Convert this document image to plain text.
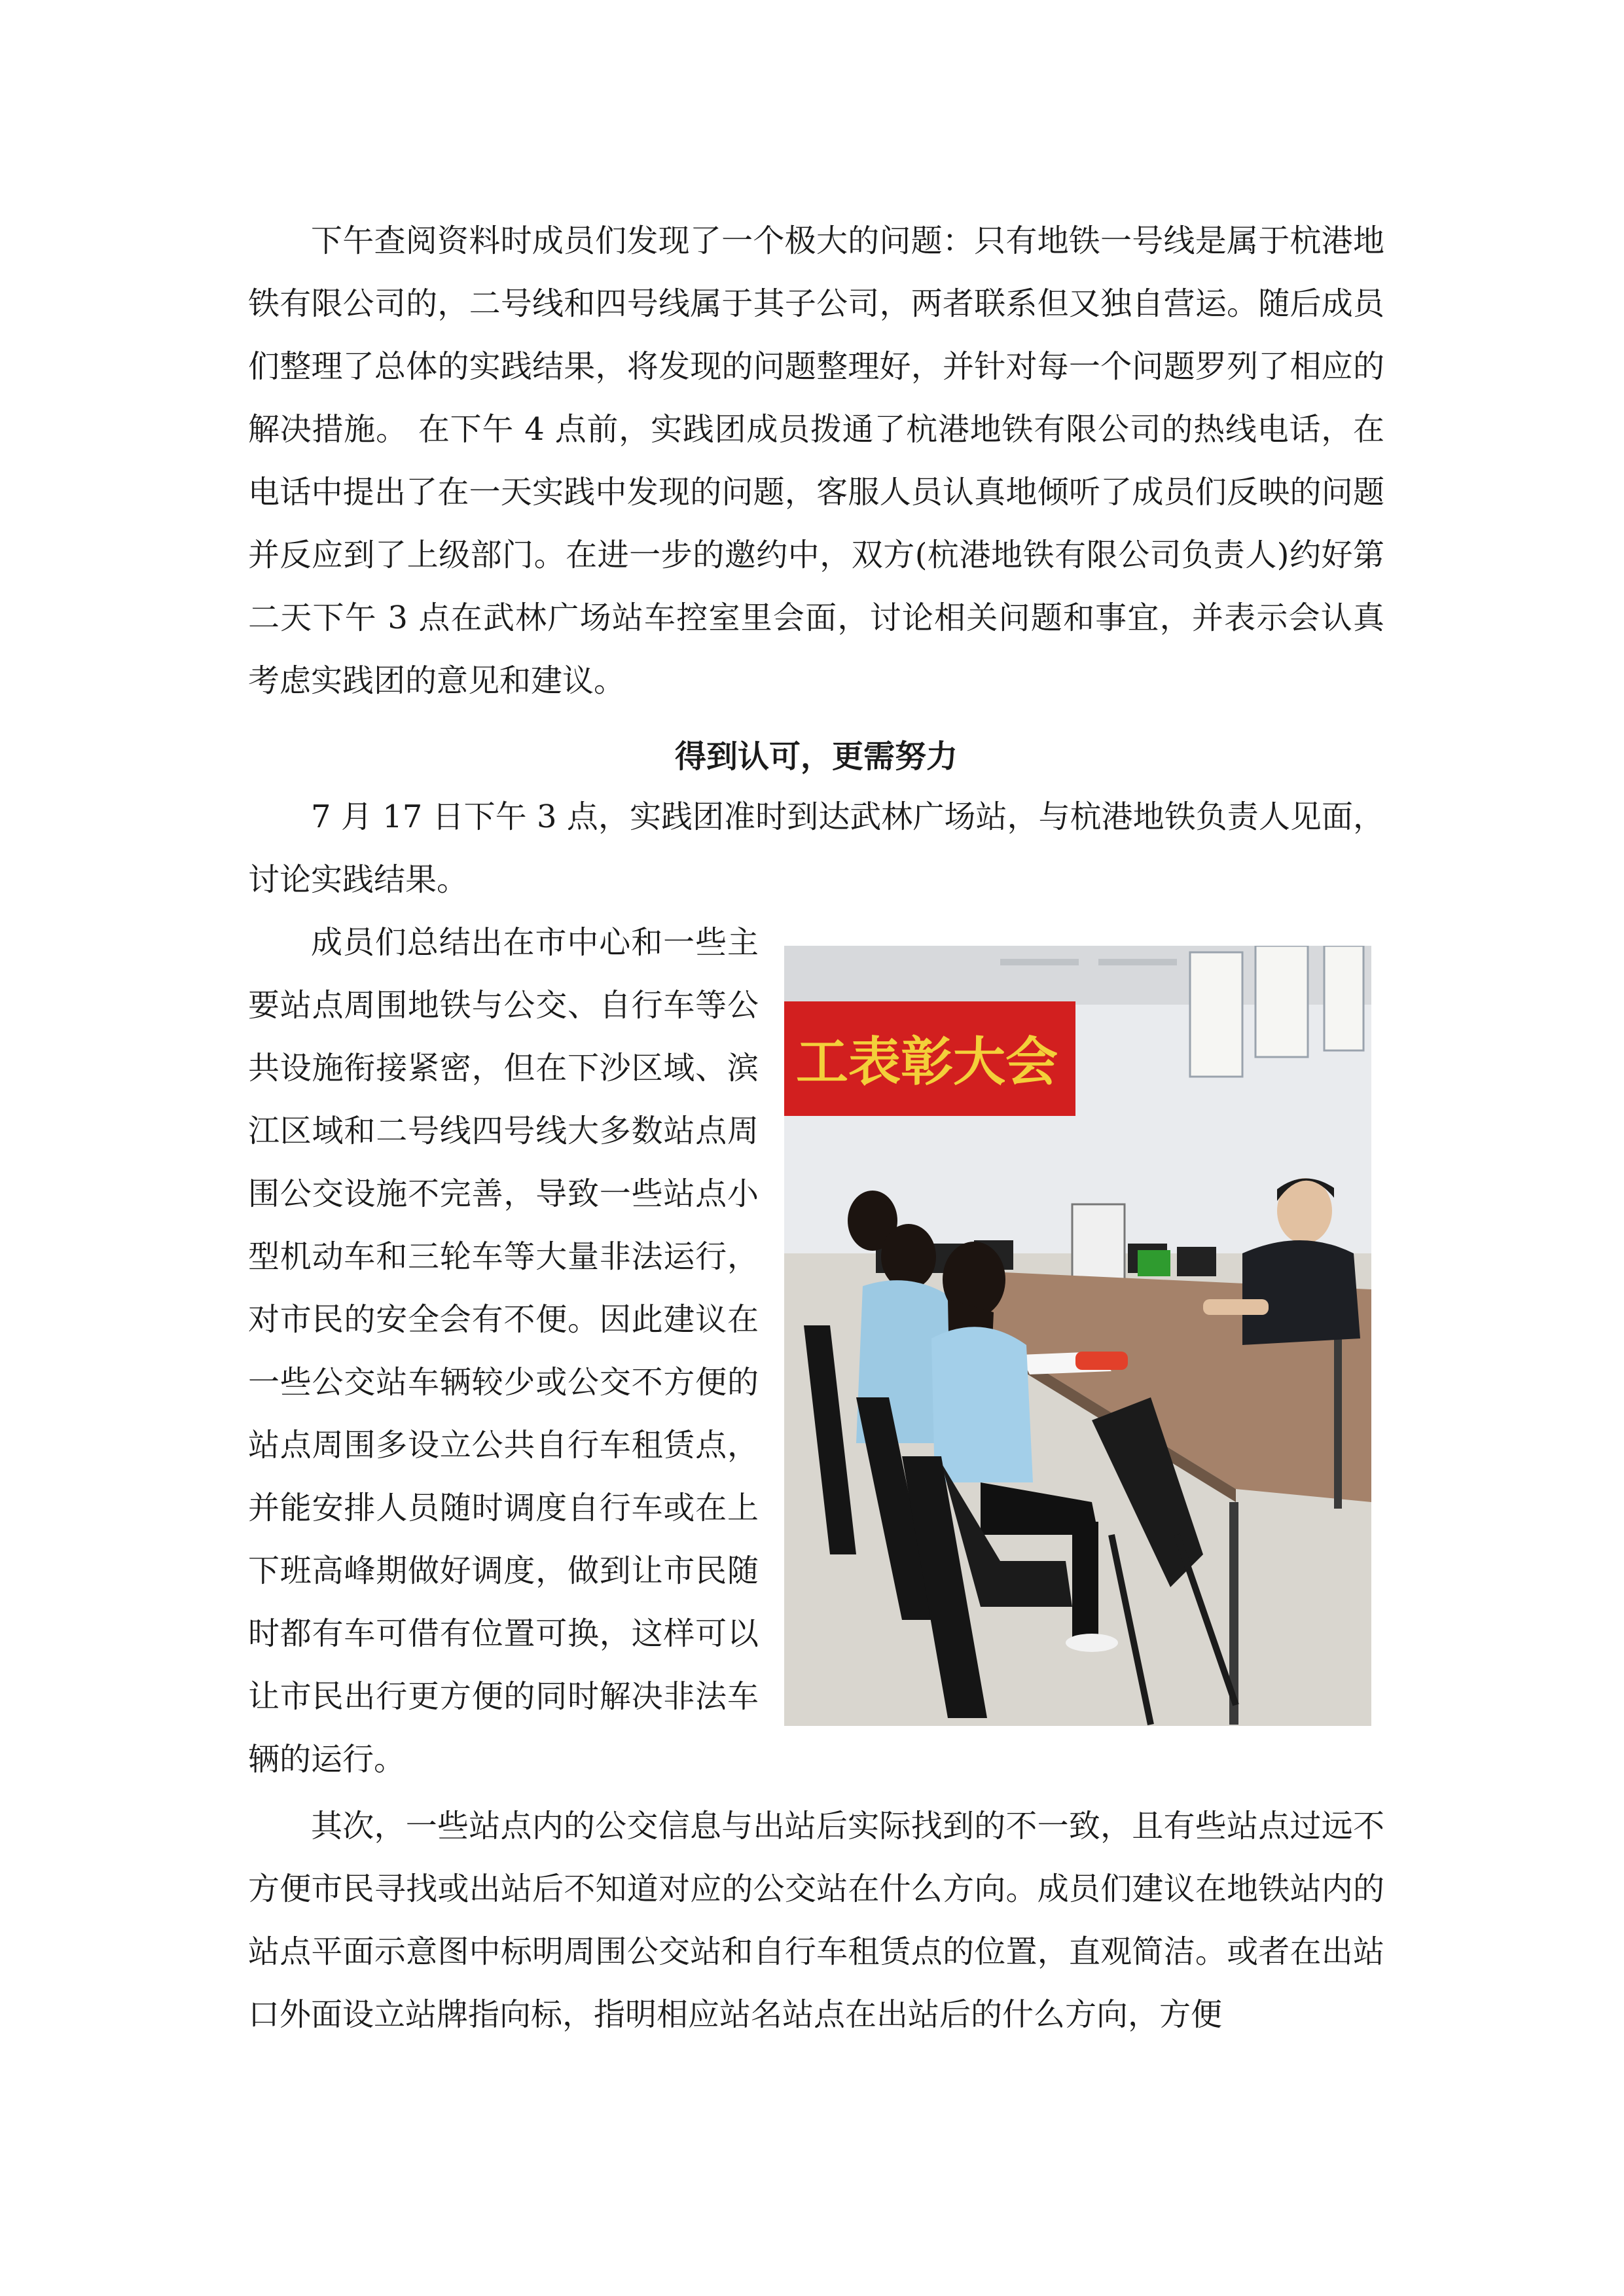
下午查阅资料时成员们发现了一个极大的问题：只有地铁一号线是属于杭港地铁有限公司的，二号线和四号线属于其子公司，两者联系但又独自营运。随后成员们整理了总体的实践结果，将发现的问题整理好，并针对每一个问题罗列了相应的解决措施。 在下午 4 点前，实践团成员拨通了杭港地铁有限公司的热线电话，在电话中提出了在一天实践中发现的问题，客服人员认真地倾听了成员们反映的问题并反应到了上级部门。在进一步的邀约中，双方(杭港地铁有限公司负责人)约好第二天下午 3 点在武林广场站车控室里会面，讨论相关问题和事宜，并表示会认真考虑实践团的意见和建议。

得到认可，更需努力

7 月 17 日下午 3 点，实践团准时到达武林广场站，与杭港地铁负责人见面，讨论实践结果。

成员们总结出在市中心和一些主要站点周围地铁与公交、自行车等公共设施衔接紧密，但在下沙区域、滨江区域和二号线四号线大多数站点周围公交设施不完善，导致一些站点小型机动车和三轮车等大量非法运行，对市民的安全会有不便。因此建议在一些公交站车辆较少或公交不方便的站点周围多设立公共自行车租赁点，并能安排人员随时调度自行车或在上下班高峰期做好调度，做到让市民随时都有车可借有位置可换，这样可以让市民出行更方便的同时解决非法车辆的运行。

工表彰大会

其次，一些站点内的公交信息与出站后实际找到的不一致，且有些站点过远不方便市民寻找或出站后不知道对应的公交站在什么方向。成员们建议在地铁站内的站点平面示意图中标明周围公交站和自行车租赁点的位置，直观简洁。或者在出站口外面设立站牌指向标，指明相应站名站点在出站后的什么方向，方便
